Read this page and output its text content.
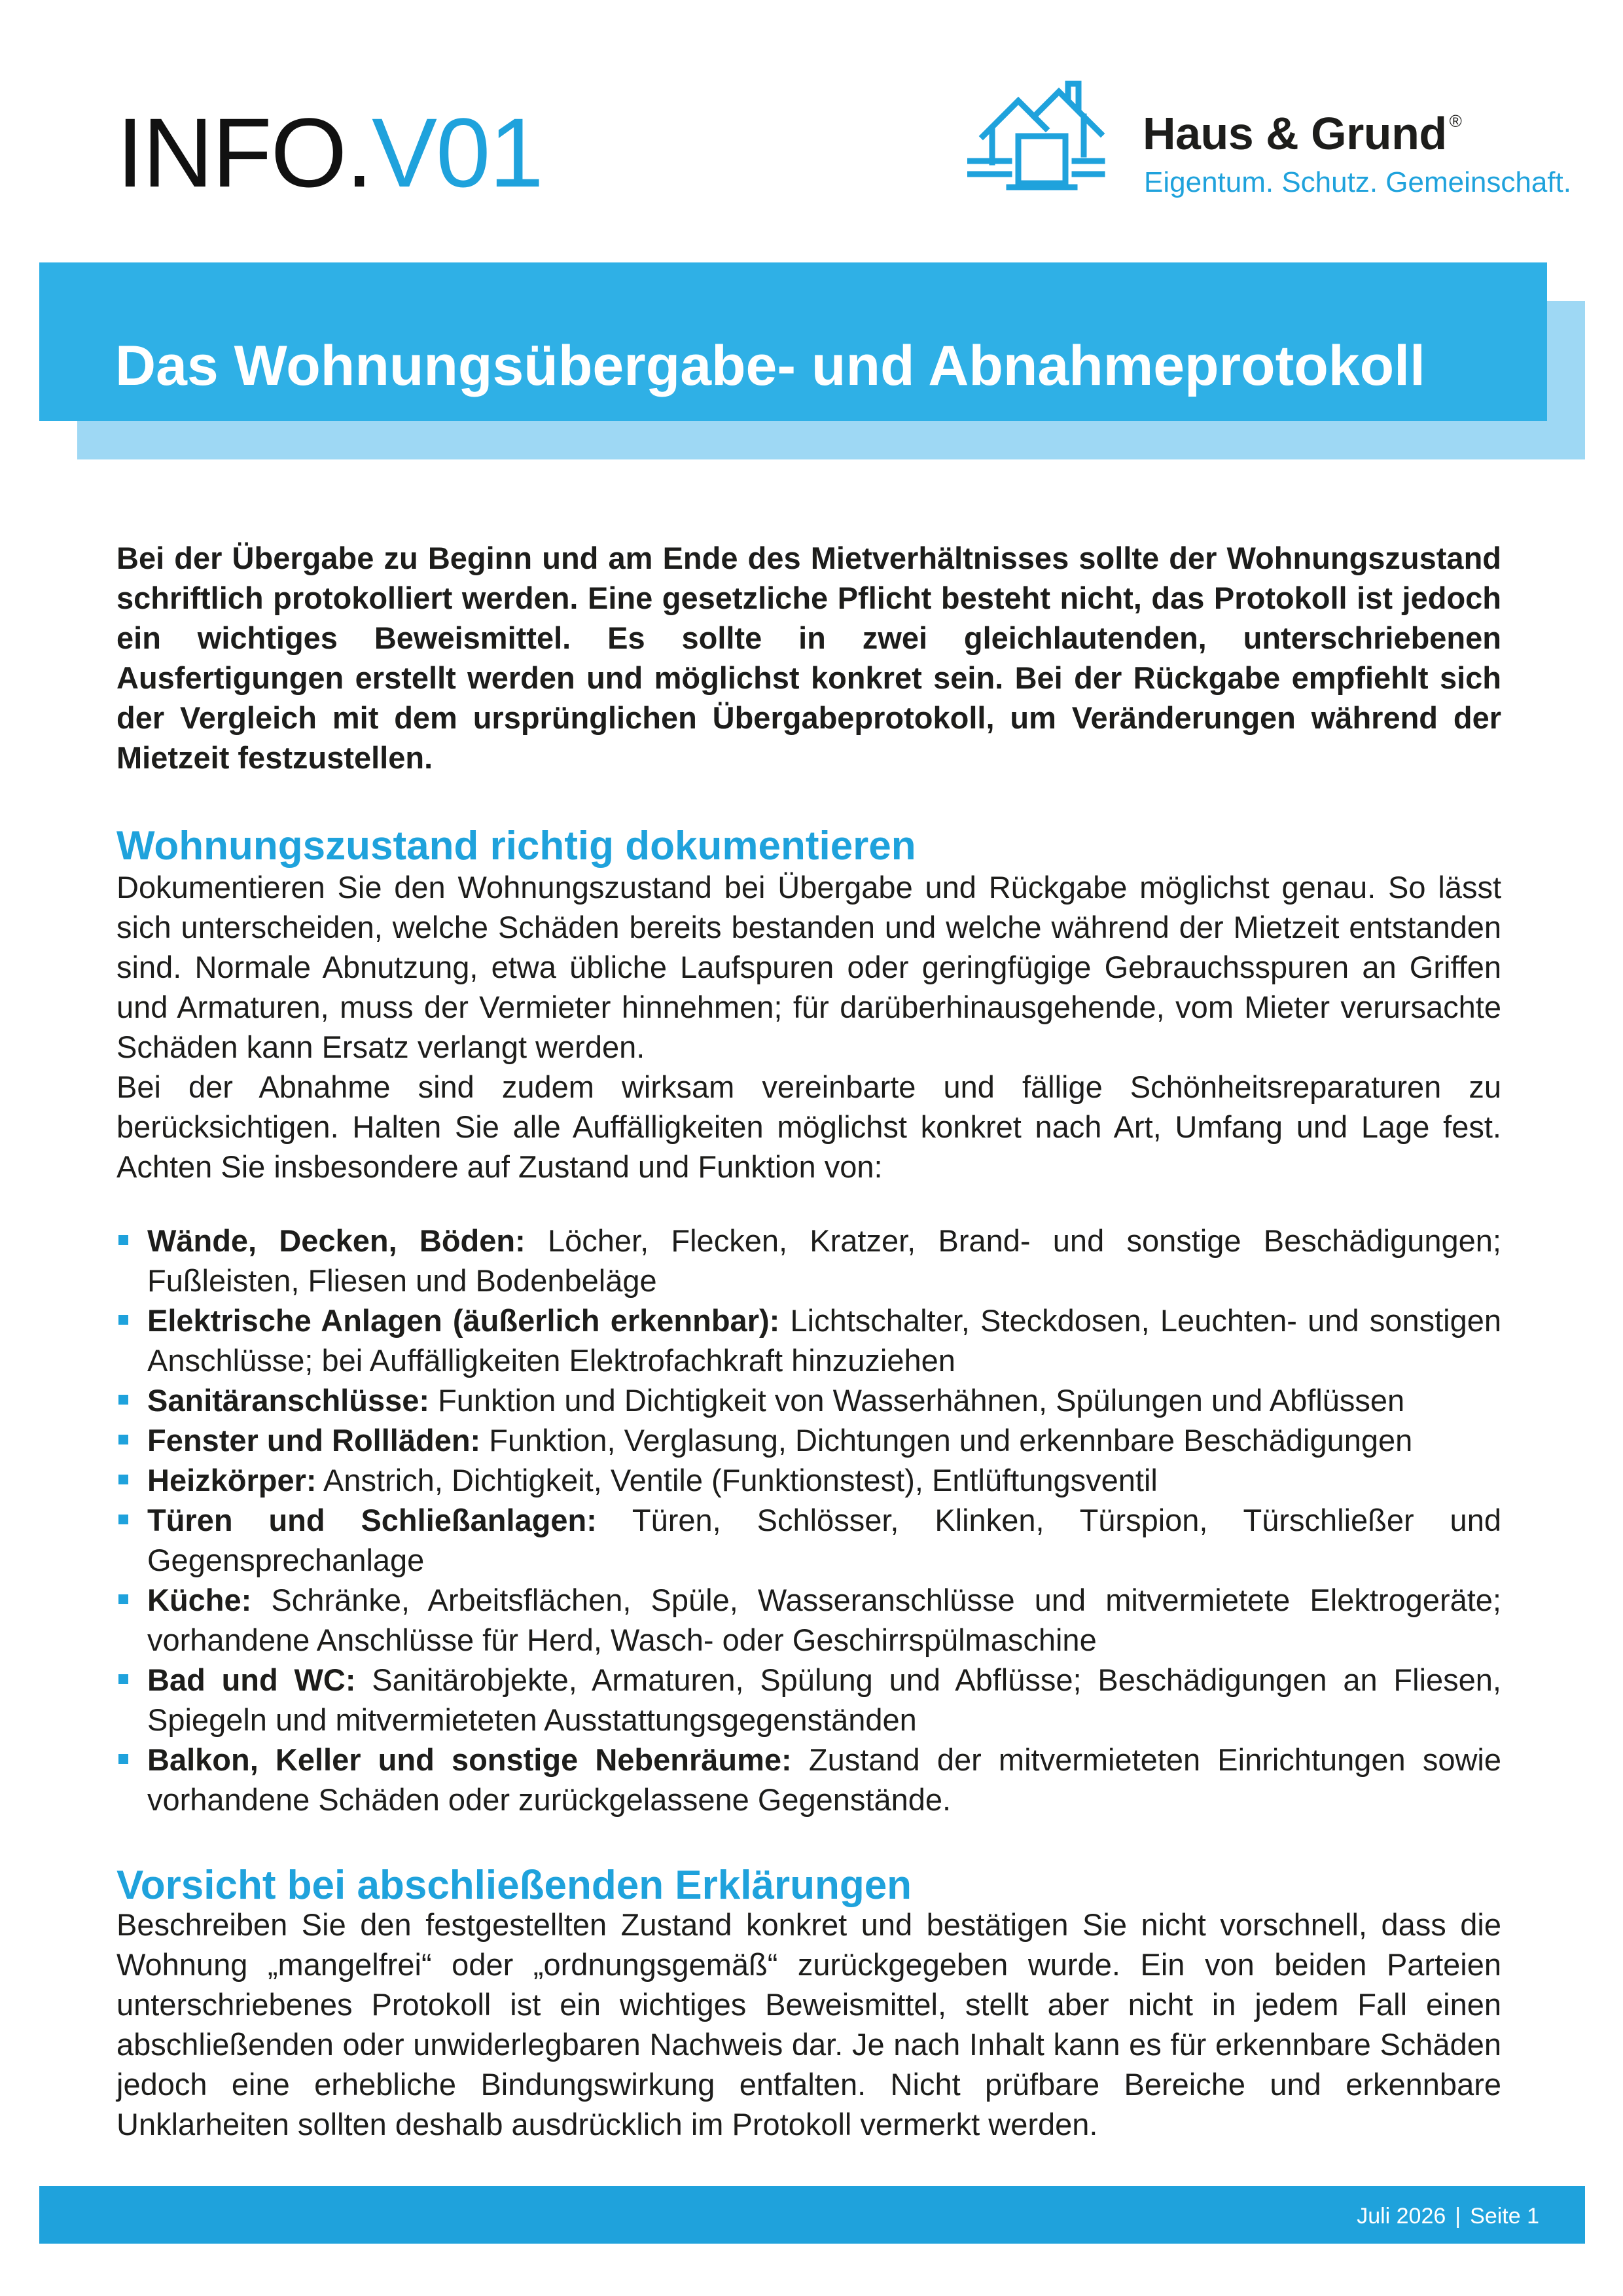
INFO.V01	Haus & Grund ®
Eigentum. Schutz. Gemeinschaft.
Das Wohnungsübergabe- und Abnahmeprotokoll
Bei der Übergabe zu Beginn und am Ende des Mietverhältnisses sollte der Wohnungszustand schriftlich protokolliert werden. Eine gesetzliche Pflicht besteht nicht, das Protokoll ist jedoch ein wichtiges Beweismittel. Es sollte in zwei gleichlautenden, unterschriebenen Ausfertigungen erstellt werden und möglichst konkret sein. Bei der Rückgabe empfiehlt sich der Vergleich mit dem ursprünglichen Übergabeprotokoll, um Veränderungen während der Mietzeit festzustellen.
Wohnungszustand richtig dokumentieren

Dokumentieren Sie den Wohnungszustand bei Übergabe und Rückgabe möglichst genau. So lässt sich unterscheiden, welche Schäden bereits bestanden und welche während der Mietzeit entstanden sind. Normale Abnutzung, etwa übliche Laufspuren oder geringfügige Gebrauchsspuren an Griffen und Armaturen, muss der Vermieter hinnehmen; für darüberhinausgehende, vom Mieter verursachte Schäden kann Ersatz verlangt werden.

Bei der Abnahme sind zudem wirksam vereinbarte und fällige Schönheitsreparaturen zu berücksichtigen. Halten Sie alle Auffälligkeiten möglichst konkret nach Art, Umfang und Lage fest. Achten Sie insbesondere auf Zustand und Funktion von:

Wände, Decken, Böden: Löcher, Flecken, Kratzer, Brand- und sonstige Beschädigungen; Fußleisten, Fliesen und Bodenbeläge
Elektrische Anlagen (äußerlich erkennbar): Lichtschalter, Steckdosen, Leuchten- und sonstigen Anschlüsse; bei Auffälligkeiten Elektrofachkraft hinzuziehen
Sanitäranschlüsse: Funktion und Dichtigkeit von Wasserhähnen, Spülungen und Abflüssen
Fenster und Rollläden: Funktion, Verglasung, Dichtungen und erkennbare Beschädigungen
Heizkörper: Anstrich, Dichtigkeit, Ventile (Funktionstest), Entlüftungsventil
Türen und Schließanlagen: Türen, Schlösser, Klinken, Türspion, Türschließer und Gegensprechanlage
Küche: Schränke, Arbeitsflächen, Spüle, Wasseranschlüsse und mitvermietete Elektrogeräte; vorhandene Anschlüsse für Herd, Wasch- oder Geschirrspülmaschine
Bad und WC: Sanitärobjekte, Armaturen, Spülung und Abflüsse; Beschädigungen an Fliesen, Spiegeln und mitvermieteten Ausstattungsgegenständen
Balkon, Keller und sonstige Nebenräume: Zustand der mitvermieteten Einrichtungen sowie vorhandene Schäden oder zurückgelassene Gegenstände.
Vorsicht bei abschließenden Erklärungen

Beschreiben Sie den festgestellten Zustand konkret und bestätigen Sie nicht vorschnell, dass die Wohnung „mangelfrei“ oder „ordnungsgemäß“ zurückgegeben wurde. Ein von beiden Parteien unterschriebenes Protokoll ist ein wichtiges Beweismittel, stellt aber nicht in jedem Fall einen abschließenden oder unwiderlegbaren Nachweis dar. Je nach Inhalt kann es für erkennbare Schäden jedoch eine erhebliche Bindungswirkung entfalten. Nicht prüfbare Bereiche und erkennbare Unklarheiten sollten deshalb ausdrücklich im Protokoll vermerkt werden.

Juli 2026 | Seite 1
